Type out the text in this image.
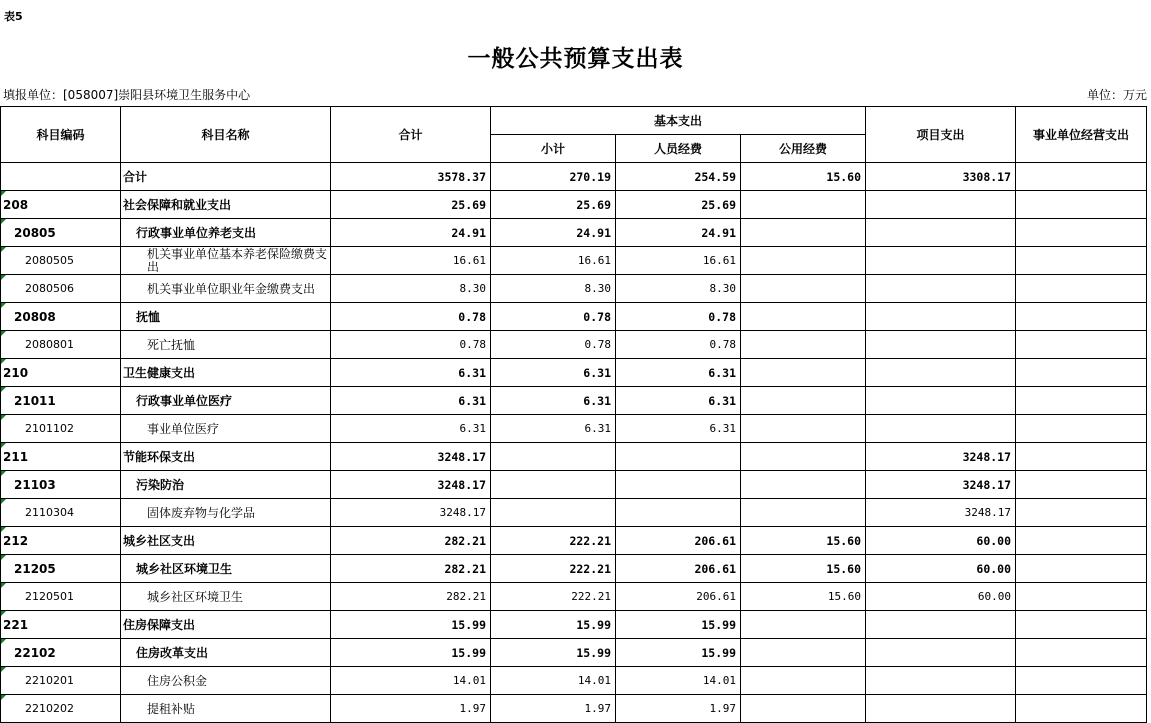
表5
一般公共预算支出表
填报单位：[058007]崇阳县环境卫生服务中心	单位：万元
科目编码	科目名称	合计	基本支出			项目支出	事业单位经营支出
			小计	人员经费	公用经费		
	合计	3578.37	270.19	254.59	15.60	3308.17	
208	社会保障和就业支出	25.69	25.69	25.69			
20805	行政事业单位养老支出	24.91	24.91	24.91			
2080505	机关事业单位基本养老保险缴费支出	16.61	16.61	16.61			
2080506	机关事业单位职业年金缴费支出	8.30	8.30	8.30			
20808	抚恤	0.78	0.78	0.78			
2080801	死亡抚恤	0.78	0.78	0.78			
210	卫生健康支出	6.31	6.31	6.31			
21011	行政事业单位医疗	6.31	6.31	6.31			
2101102	事业单位医疗	6.31	6.31	6.31			
211	节能环保支出	3248.17				3248.17	
21103	污染防治	3248.17				3248.17	
2110304	固体废弃物与化学品	3248.17				3248.17	
212	城乡社区支出	282.21	222.21	206.61	15.60	60.00	
21205	城乡社区环境卫生	282.21	222.21	206.61	15.60	60.00	
2120501	城乡社区环境卫生	282.21	222.21	206.61	15.60	60.00	
221	住房保障支出	15.99	15.99	15.99			
22102	住房改革支出	15.99	15.99	15.99			
2210201	住房公积金	14.01	14.01	14.01			
2210202	提租补贴	1.97	1.97	1.97			
